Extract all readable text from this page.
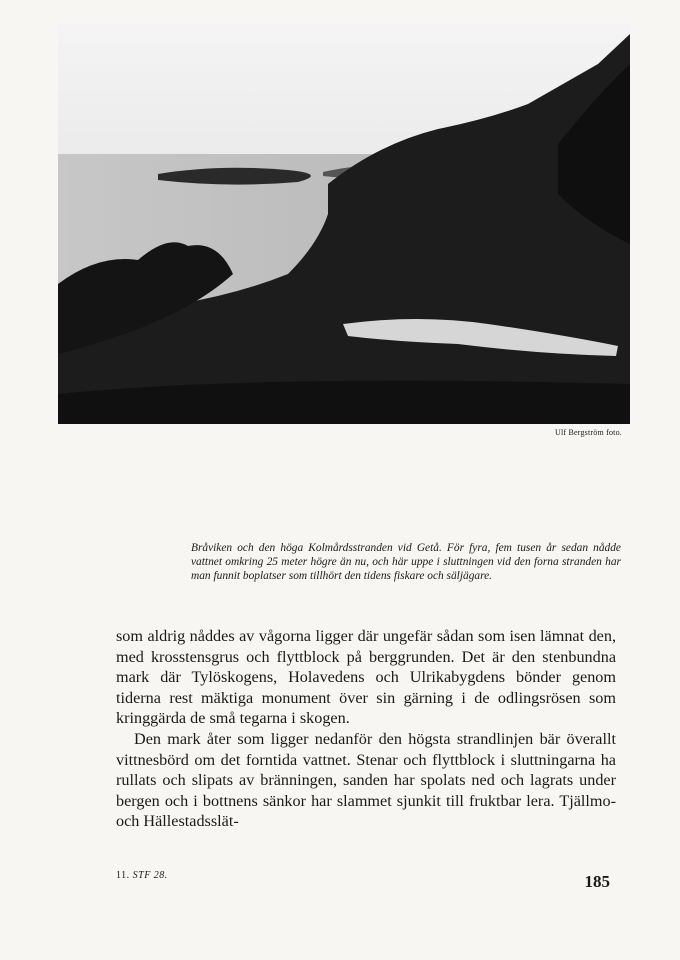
Ulf Bergström foto.
Bråviken och den höga Kolmårdsstranden vid Getå. För fyra, fem tusen år sedan nådde vattnet omkring 25 meter högre än nu, och här uppe i sluttningen vid den forna stranden har man funnit boplatser som tillhört den tidens fiskare och säljägare.

som aldrig nåddes av vågorna ligger där ungefär sådan som isen lämnat den, med krosstensgrus och flyttblock på berggrunden. Det är den stenbundna mark där Tylöskogens, Holavedens och Ulrikabygdens bönder genom tiderna rest mäktiga monument över sin gärning i de odlingsrösen som kringgärda de små tegarna i skogen.

Den mark åter som ligger nedanför den högsta strandlinjen bär överallt vittnesbörd om det forntida vattnet. Stenar och flyttblock i sluttningarna ha rullats och slipats av bränningen, sanden har spolats ned och lagrats under bergen och i bottnens sänkor har slammet sjunkit till fruktbar lera. Tjällmo- och Hällestadsslät-

11. STF 28.	185
